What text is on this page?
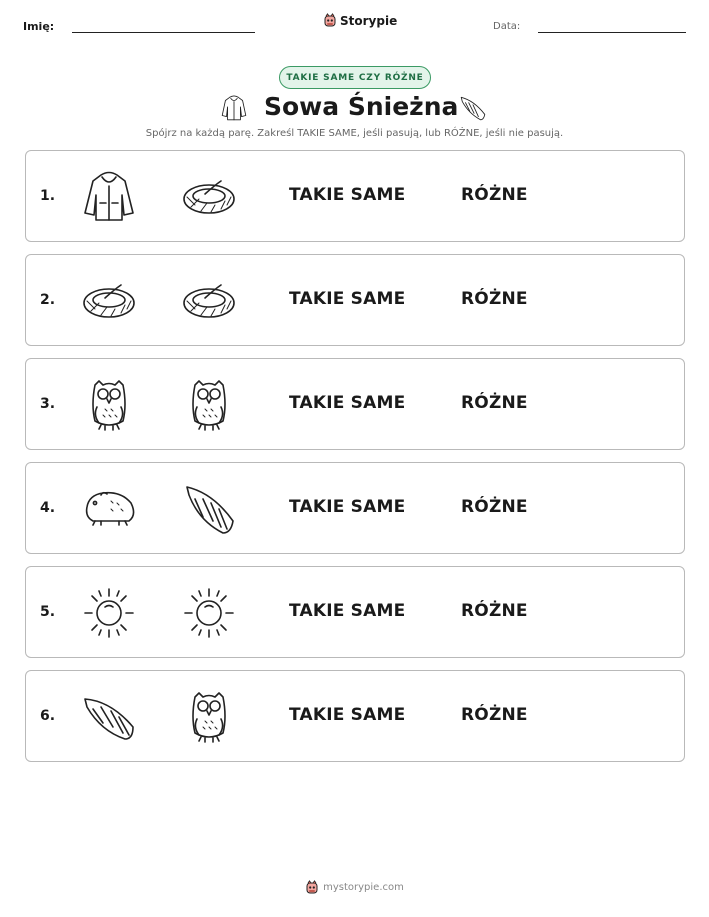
Imię:	Storypie	Data:
TAKIE SAME CZY RÓŻNE
Sowa Śnieżna
Spójrz na każdą parę. Zakreśl TAKIE SAME, jeśli pasują, lub RÓŻNE, jeśli nie pasują.
1.	TAKIE SAME	RÓŻNE
2.	TAKIE SAME	RÓŻNE
3.	TAKIE SAME	RÓŻNE
4.	TAKIE SAME	RÓŻNE
5.	TAKIE SAME	RÓŻNE
6.	TAKIE SAME	RÓŻNE
mystorypie.com
